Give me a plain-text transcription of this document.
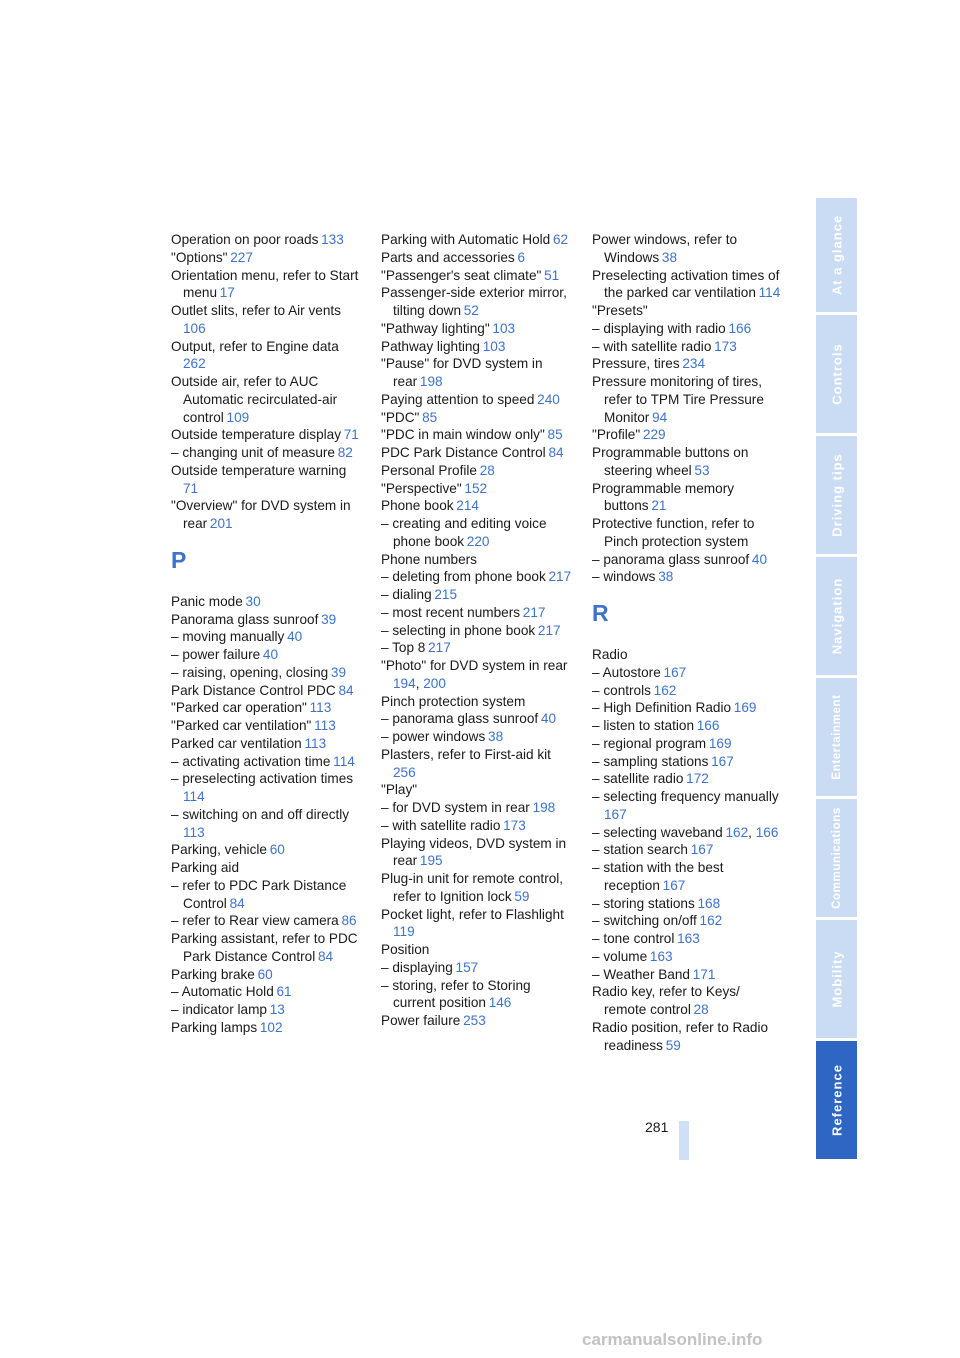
Operation on poor roads  133
"Options"  227
Orientation menu, refer to Start menu  17
Outlet slits, refer to Air vents 106
Output, refer to Engine data 262
Outside air, refer to AUC Automatic recirculated-air control  109
Outside temperature display  71
– changing unit of measure  82
Outside temperature warning 71
"Overview" for DVD system in rear  201
P
Panic mode  30
Panorama glass sunroof  39
– moving manually  40
– power failure  40
– raising, opening, closing  39
Park Distance Control PDC  84
"Parked car operation"  113
"Parked car ventilation"  113
Parked car ventilation  113
– activating activation time  114
– preselecting activation times 114
– switching on and off directly 113
Parking, vehicle  60
Parking aid
– refer to PDC Park Distance Control  84
– refer to Rear view camera  86
Parking assistant, refer to PDC Park Distance Control  84
Parking brake  60
– Automatic Hold  61
– indicator lamp  13
Parking lamps  102
Parking with Automatic Hold  62
Parts and accessories  6
"Passenger's seat climate"  51
Passenger-side exterior mirror, tilting down  52
"Pathway lighting"  103
Pathway lighting  103
"Pause" for DVD system in rear  198
Paying attention to speed  240
"PDC"  85
"PDC in main window only"  85
PDC Park Distance Control  84
Personal Profile  28
"Perspective"  152
Phone book  214
– creating and editing voice phone book  220
Phone numbers
– deleting from phone book  217
– dialing  215
– most recent numbers  217
– selecting in phone book  217
– Top 8  217
"Photo" for DVD system in rear 194, 200
Pinch protection system
– panorama glass sunroof  40
– power windows  38
Plasters, refer to First-aid kit 256
"Play"
– for DVD system in rear  198
– with satellite radio  173
Playing videos, DVD system in rear  195
Plug-in unit for remote control, refer to Ignition lock  59
Pocket light, refer to Flashlight 119
Position
– displaying  157
– storing, refer to Storing current position  146
Power failure  253
Power windows, refer to Windows  38
Preselecting activation times of the parked car ventilation  114
"Presets"
– displaying with radio  166
– with satellite radio  173
Pressure, tires  234
Pressure monitoring of tires, refer to TPM Tire Pressure Monitor  94
"Profile"  229
Programmable buttons on steering wheel  53
Programmable memory buttons  21
Protective function, refer to Pinch protection system
– panorama glass sunroof  40
– windows  38
R
Radio
– Autostore  167
– controls  162
– High Definition Radio  169
– listen to station  166
– regional program  169
– sampling stations  167
– satellite radio  172
– selecting frequency manually 167
– selecting waveband  162, 166
– station search  167
– station with the best reception  167
– storing stations  168
– switching on/off  162
– tone control  163
– volume  163
– Weather Band  171
Radio key, refer to Keys/ remote control  28
Radio position, refer to Radio readiness  59
281
At a glance
Controls
Driving tips
Navigation
Entertainment
Communications
Mobility
Reference
carmanualsonline.info
